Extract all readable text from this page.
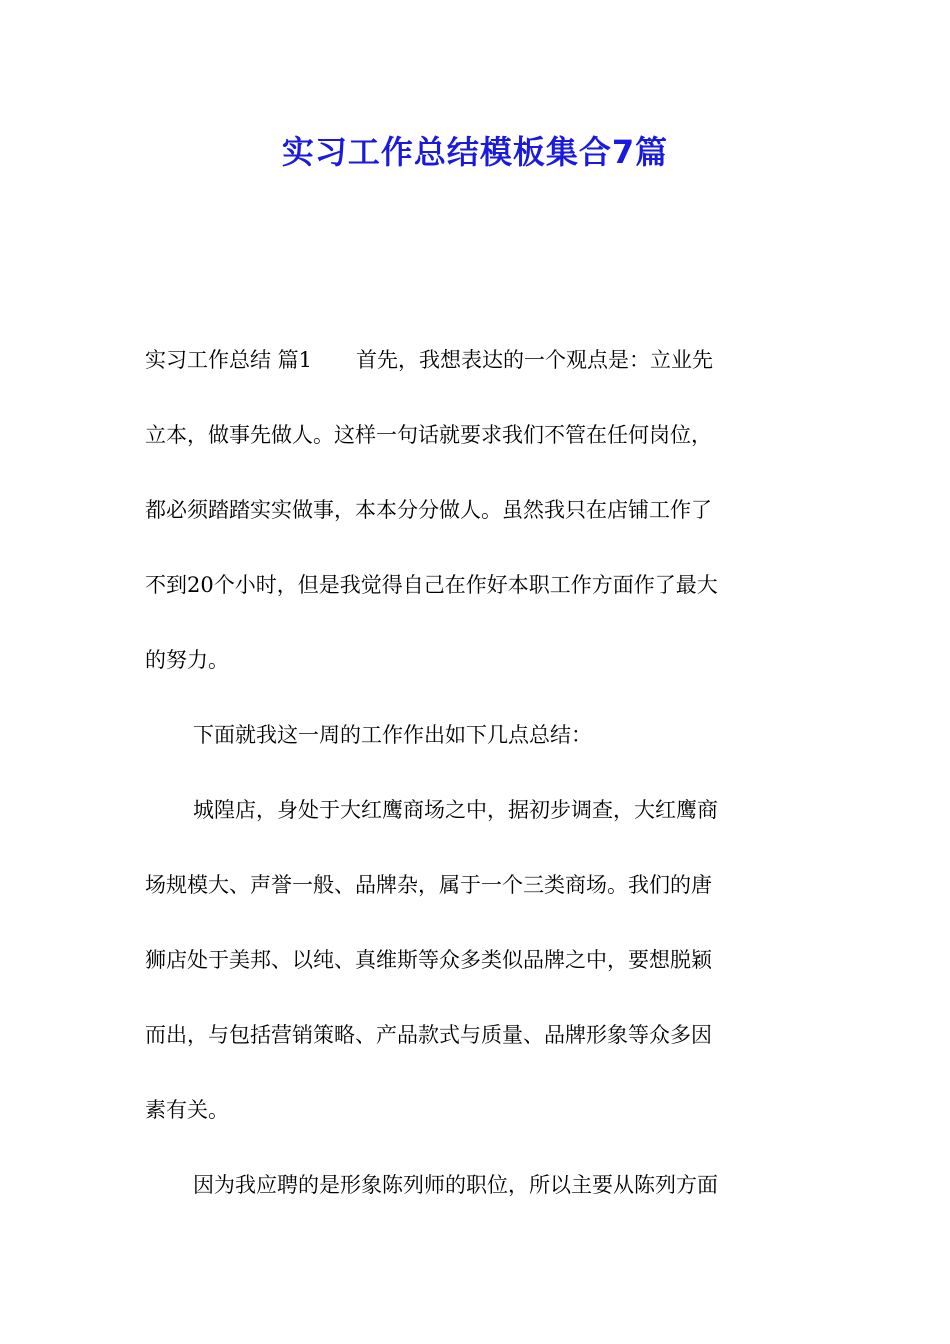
实习工作总结模板集合7篇
实习工作总结 篇1 首先，我想表达的一个观点是：立业先
立本，做事先做人。这样一句话就要求我们不管在任何岗位，
都必须踏踏实实做事，本本分分做人。虽然我只在店铺工作了
不到20个小时，但是我觉得自己在作好本职工作方面作了最大
的努力。
下面就我这一周的工作作出如下几点总结：
城隍店，身处于大红鹰商场之中，据初步调查，大红鹰商
场规模大、声誉一般、品牌杂，属于一个三类商场。我们的唐
狮店处于美邦、以纯、真维斯等众多类似品牌之中，要想脱颖
而出，与包括营销策略、产品款式与质量、品牌形象等众多因
素有关。
因为我应聘的是形象陈列师的职位，所以主要从陈列方面
